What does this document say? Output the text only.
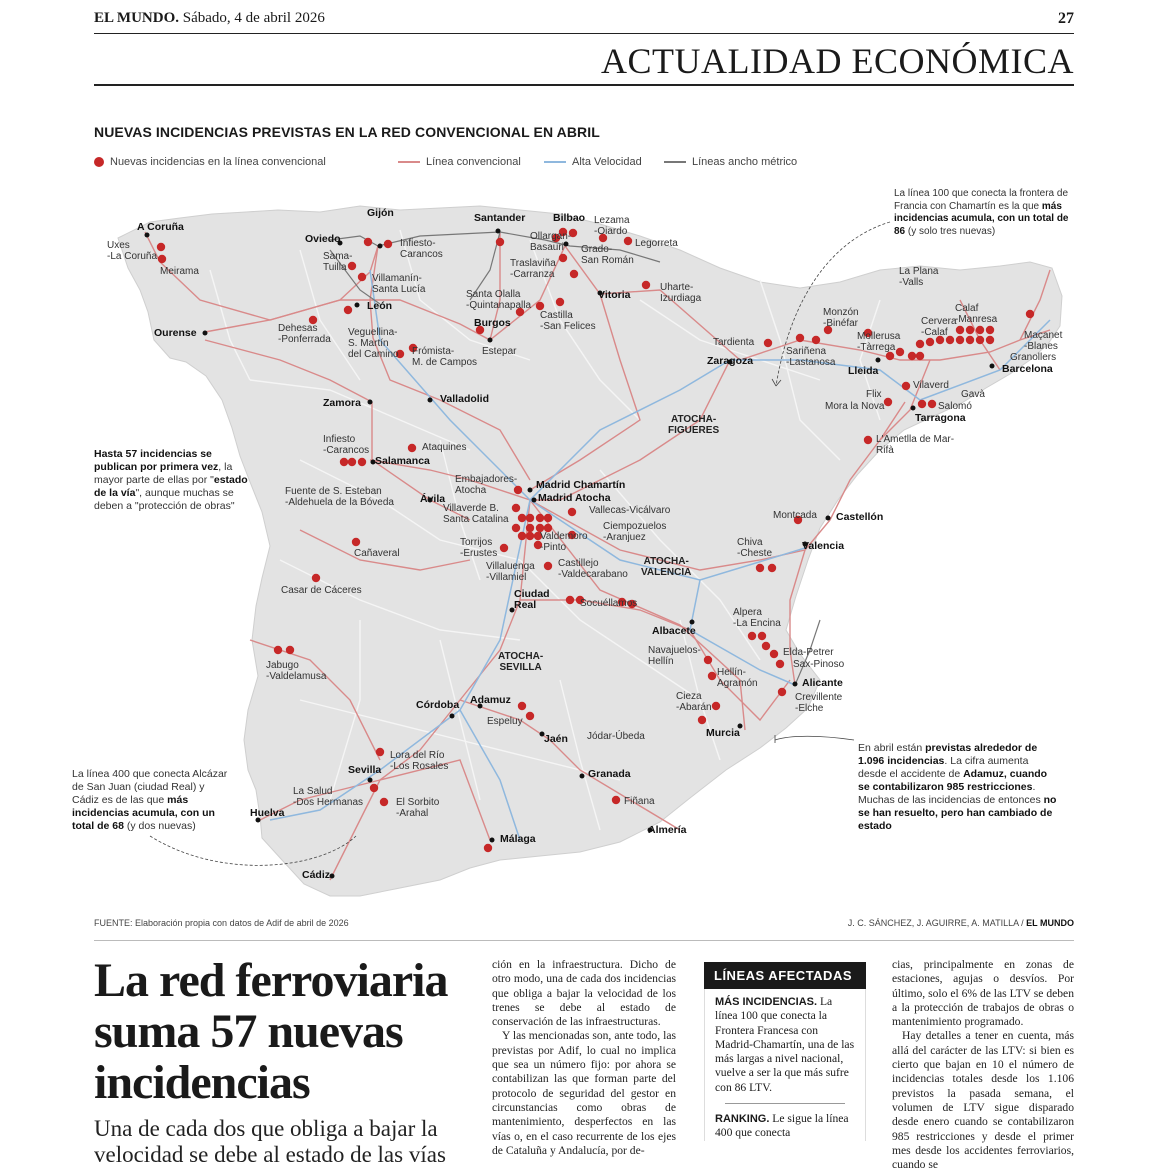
EL MUNDO. Sábado, 4 de abril 2026	27
ACTUALIDAD ECONÓMICA
NUEVAS INCIDENCIAS PREVISTAS EN LA RED CONVENCIONAL EN ABRIL
Nuevas incidencias en la línea convencional	Línea convencional	Alta Velocidad	Líneas ancho métrico
A Coruña
Gijón
Oviedo
Santander	Bilbao
Vitoria
León
Ourense
Burgos
Valladolid
Zamora
Salamanca
Ávila
Madrid Chamartín
Madrid Atocha
Zaragoza
Lleida	Barcelona
Tarragona
Castellón
Valencia
Albacete
Alicante
Murcia
Ciudad
Real
Córdoba Adamuz
Jaén
Sevilla	Granada
Huelva
Málaga
Almería
Cádiz
Uxes
-La Coruña
Meirama
Infiesto-
Carancos
Sama-
Tuilla
Villamanín-
Santa Lucía
Ollargan-
Basauri
Lezama
-Oiardo
Grado-
San Román
Legorreta
Traslaviña
-Carranza
Uharte-
Izurdiaga
Santa Olalla
-Quintanapalla
Castilla
-San Felices
Estepar
Dehesas
-Ponferrada
Veguellina-
S. Martín
del Camino Frómista-
M. de Campos
Tardienta
Sariñena
-Lastanosa
Monzón
-Binéfar
Mollerusa
-Tàrrega
La Plana
-Valls
Cervera
-Calaf
Calaf
-Manresa
Maçanet
-Blanes
Granollers
Vilaverd
Flix
Mora la Nova
Gavà
Salomó
L'Ametlla de Mar-
Rifà
Infiesto
-Carancos	Ataquines
Fuente de S. Esteban
-Aldehuela de la Bóveda
Embajadores-
Atocha
Villaverde B.
Santa Catalina
Vallecas-Vicálvaro
Ciempozuelos
-Aranjuez
Torrijos
-Erustes
Valdemoro
-Pinto
Cañaveral
Villaluenga
-Villamiel
Castillejo
-Valdecarabano
Montcada
Chiva
-Cheste
Casar de Cáceres
Socuéllamos
Alpera
-La Encina
Navajuelos-
Hellín
Elda-Petrer
Sax-Pinoso
Hellín-
Agramón
Crevillente
-Elche
Cieza
-Abarán
Jabugo
-Valdelamusa
Espeluy
Jódar-Úbeda
Lora del Río
-Los Rosales
La Salud
-Dos Hermanas	El Sorbito
-Arahal
Fiñana
ATOCHA-
FIGUERES
ATOCHA-
VALENCIA
ATOCHA-
SEVILLA
La línea 100 que conecta la frontera de Francia con Chamartín es la que más incidencias acumula, con un total de 86 (y solo tres nuevas)
Hasta 57 incidencias se publican por primera vez, la mayor parte de ellas por "estado de la vía", aunque muchas se deben a "protección de obras"
La línea 400 que conecta Alcázar de San Juan (ciudad Real) y Cádiz es de las que más incidencias acumula, con un total de 68 (y dos nuevas)
En abril están previstas alrededor de 1.096 incidencias. La cifra aumenta desde el accidente de Adamuz, cuando se contabilizaron 985 restricciones. Muchas de las incidencias de entonces no se han resuelto, pero han cambiado de estado
FUENTE: Elaboración propia con datos de Adif de abril de 2026	J. C. SÁNCHEZ, J. AGUIRRE, A. MATILLA / EL MUNDO
La red ferroviaria suma 57 nuevas incidencias
Una de cada dos que obliga a bajar la velocidad se debe al estado de las vías

ción en la infraestructura. Dicho de otro modo, una de cada dos incidencias que obliga a bajar la velocidad de los trenes se debe al estado de conservación de las infraestructuras.

Y las mencionadas son, ante todo, las previstas por Adif, lo cual no implica que sea un número fijo: por ahora se contabilizan las que forman parte del protocolo de seguridad del gestor en circunstancias como obras de mantenimiento, desperfectos en las vías o, en el caso recurrente de los ejes de Cataluña y Andalucía, por de-

LÍNEAS AFECTADAS
MÁS INCIDENCIAS. La línea 100 que conecta la Frontera Francesa con Madrid-Chamartín, una de las más largas a nivel nacional, vuelve a ser la que más sufre con 86 LTV.
RANKING. Le sigue la línea 400 que conecta

cias, principalmente en zonas de estaciones, agujas o desvíos. Por último, solo el 6% de las LTV se deben a la protección de trabajos de obras o mantenimiento programado.

Hay detalles a tener en cuenta, más allá del carácter de las LTV: si bien es cierto que bajan en 10 el número de incidencias totales desde los 1.106 previstos la pasada semana, el volumen de LTV sigue disparado desde enero cuando se contabilizaron 985 restricciones y desde el primer mes desde los accidentes ferroviarios, cuando se
